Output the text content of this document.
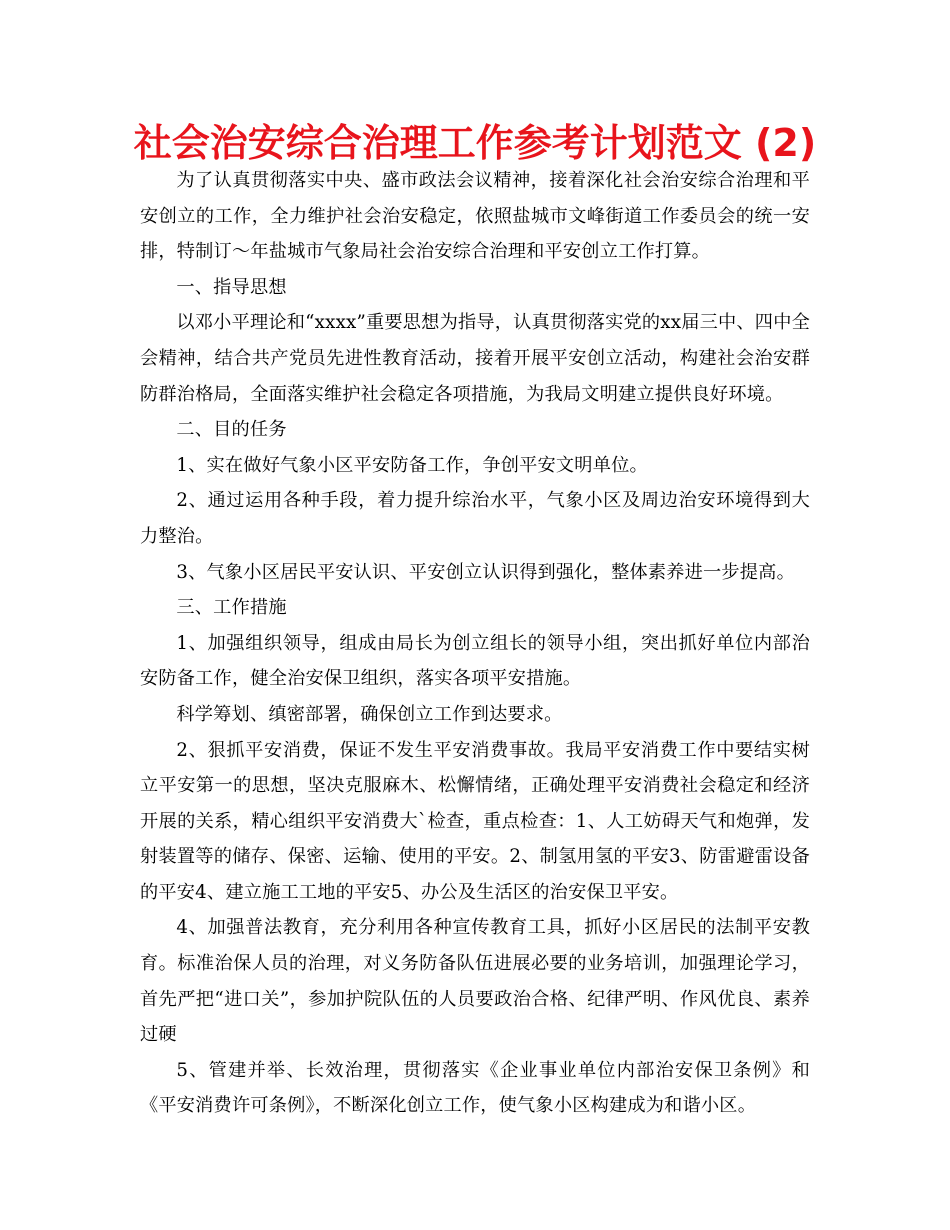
社会治安综合治理工作参考计划范文 (2)

为了认真贯彻落实中央、盛市政法会议精神，接着深化社会治安综合治理和平安创立的工作，全力维护社会治安稳定，依照盐城市文峰街道工作委员会的统一安排，特制订～年盐城市气象局社会治安综合治理和平安创立工作打算。

一、指导思想

以邓小平理论和“xxxx”重要思想为指导，认真贯彻落实党的xx届三中、四中全会精神，结合共产党员先进性教育活动，接着开展平安创立活动，构建社会治安群防群治格局，全面落实维护社会稳定各项措施，为我局文明建立提供良好环境。

二、目的任务

1、实在做好气象小区平安防备工作，争创平安文明单位。

2、通过运用各种手段，着力提升综治水平，气象小区及周边治安环境得到大力整治。

3、气象小区居民平安认识、平安创立认识得到强化，整体素养进一步提高。

三、工作措施

1、加强组织领导，组成由局长为创立组长的领导小组，突出抓好单位内部治安防备工作，健全治安保卫组织，落实各项平安措施。

科学筹划、缜密部署，确保创立工作到达要求。

2、狠抓平安消费，保证不发生平安消费事故。我局平安消费工作中要结实树立平安第一的思想，坚决克服麻木、松懈情绪，正确处理平安消费社会稳定和经济开展的关系，精心组织平安消费大`检查，重点检查：1、人工妨碍天气和炮弹，发射装置等的储存、保密、运输、使用的平安。2、制氢用氢的平安3、防雷避雷设备的平安4、建立施工工地的平安5、办公及生活区的治安保卫平安。

4、加强普法教育，充分利用各种宣传教育工具，抓好小区居民的法制平安教育。标准治保人员的治理，对义务防备队伍进展必要的业务培训，加强理论学习，首先严把“进口关”，参加护院队伍的人员要政治合格、纪律严明、作风优良、素养过硬

5、管建并举、长效治理，贯彻落实《企业事业单位内部治安保卫条例》和《平安消费许可条例》，不断深化创立工作，使气象小区构建成为和谐小区。
